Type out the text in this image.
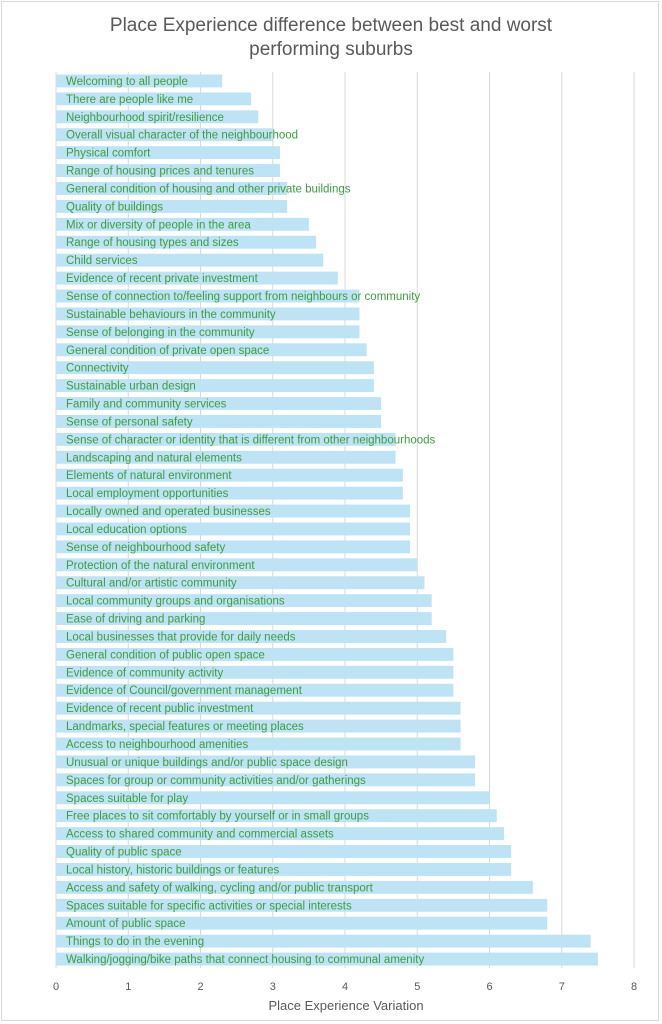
Place Experience difference between best and worst
performing suburbs
Welcoming to all people
There are people like me
Neighbourhood spirit/resilience
Overall visual character of the neighbourhood
Physical comfort
Range of housing prices and tenures
General condition of housing and other private buildings
Quality of buildings
Mix or diversity of people in the area
Range of housing types and sizes
Child services
Evidence of recent private investment
Sense of connection to/feeling support from neighbours or community
Sustainable behaviours in the community
Sense of belonging in the community
General condition of private open space
Connectivity
Sustainable urban design
Family and community services
Sense of personal safety
Sense of character or identity that is different from other neighbourhoods
Landscaping and natural elements
Elements of natural environment
Local employment opportunities
Locally owned and operated businesses
Local education options
Sense of neighbourhood safety
Protection of the natural environment
Cultural and/or artistic community
Local community groups and organisations
Ease of driving and parking
Local businesses that provide for daily needs
General condition of public open space
Evidence of community activity
Evidence of Council/government management
Evidence of recent public investment
Landmarks, special features or meeting places
Access to neighbourhood amenities
Unusual or unique buildings and/or public space design
Spaces for group or community activities and/or gatherings
Spaces suitable for play
Free places to sit comfortably by yourself or in small groups
Access to shared community and commercial assets
Quality of public space
Local history, historic buildings or features
Access and safety of walking, cycling and/or public transport
Spaces suitable for specific activities or special interests
Amount of public space
Things to do in the evening
Walking/jogging/bike paths that connect housing to communal amenity
0	1	2	3	4	5	6	7	8
Place Experience Variation
